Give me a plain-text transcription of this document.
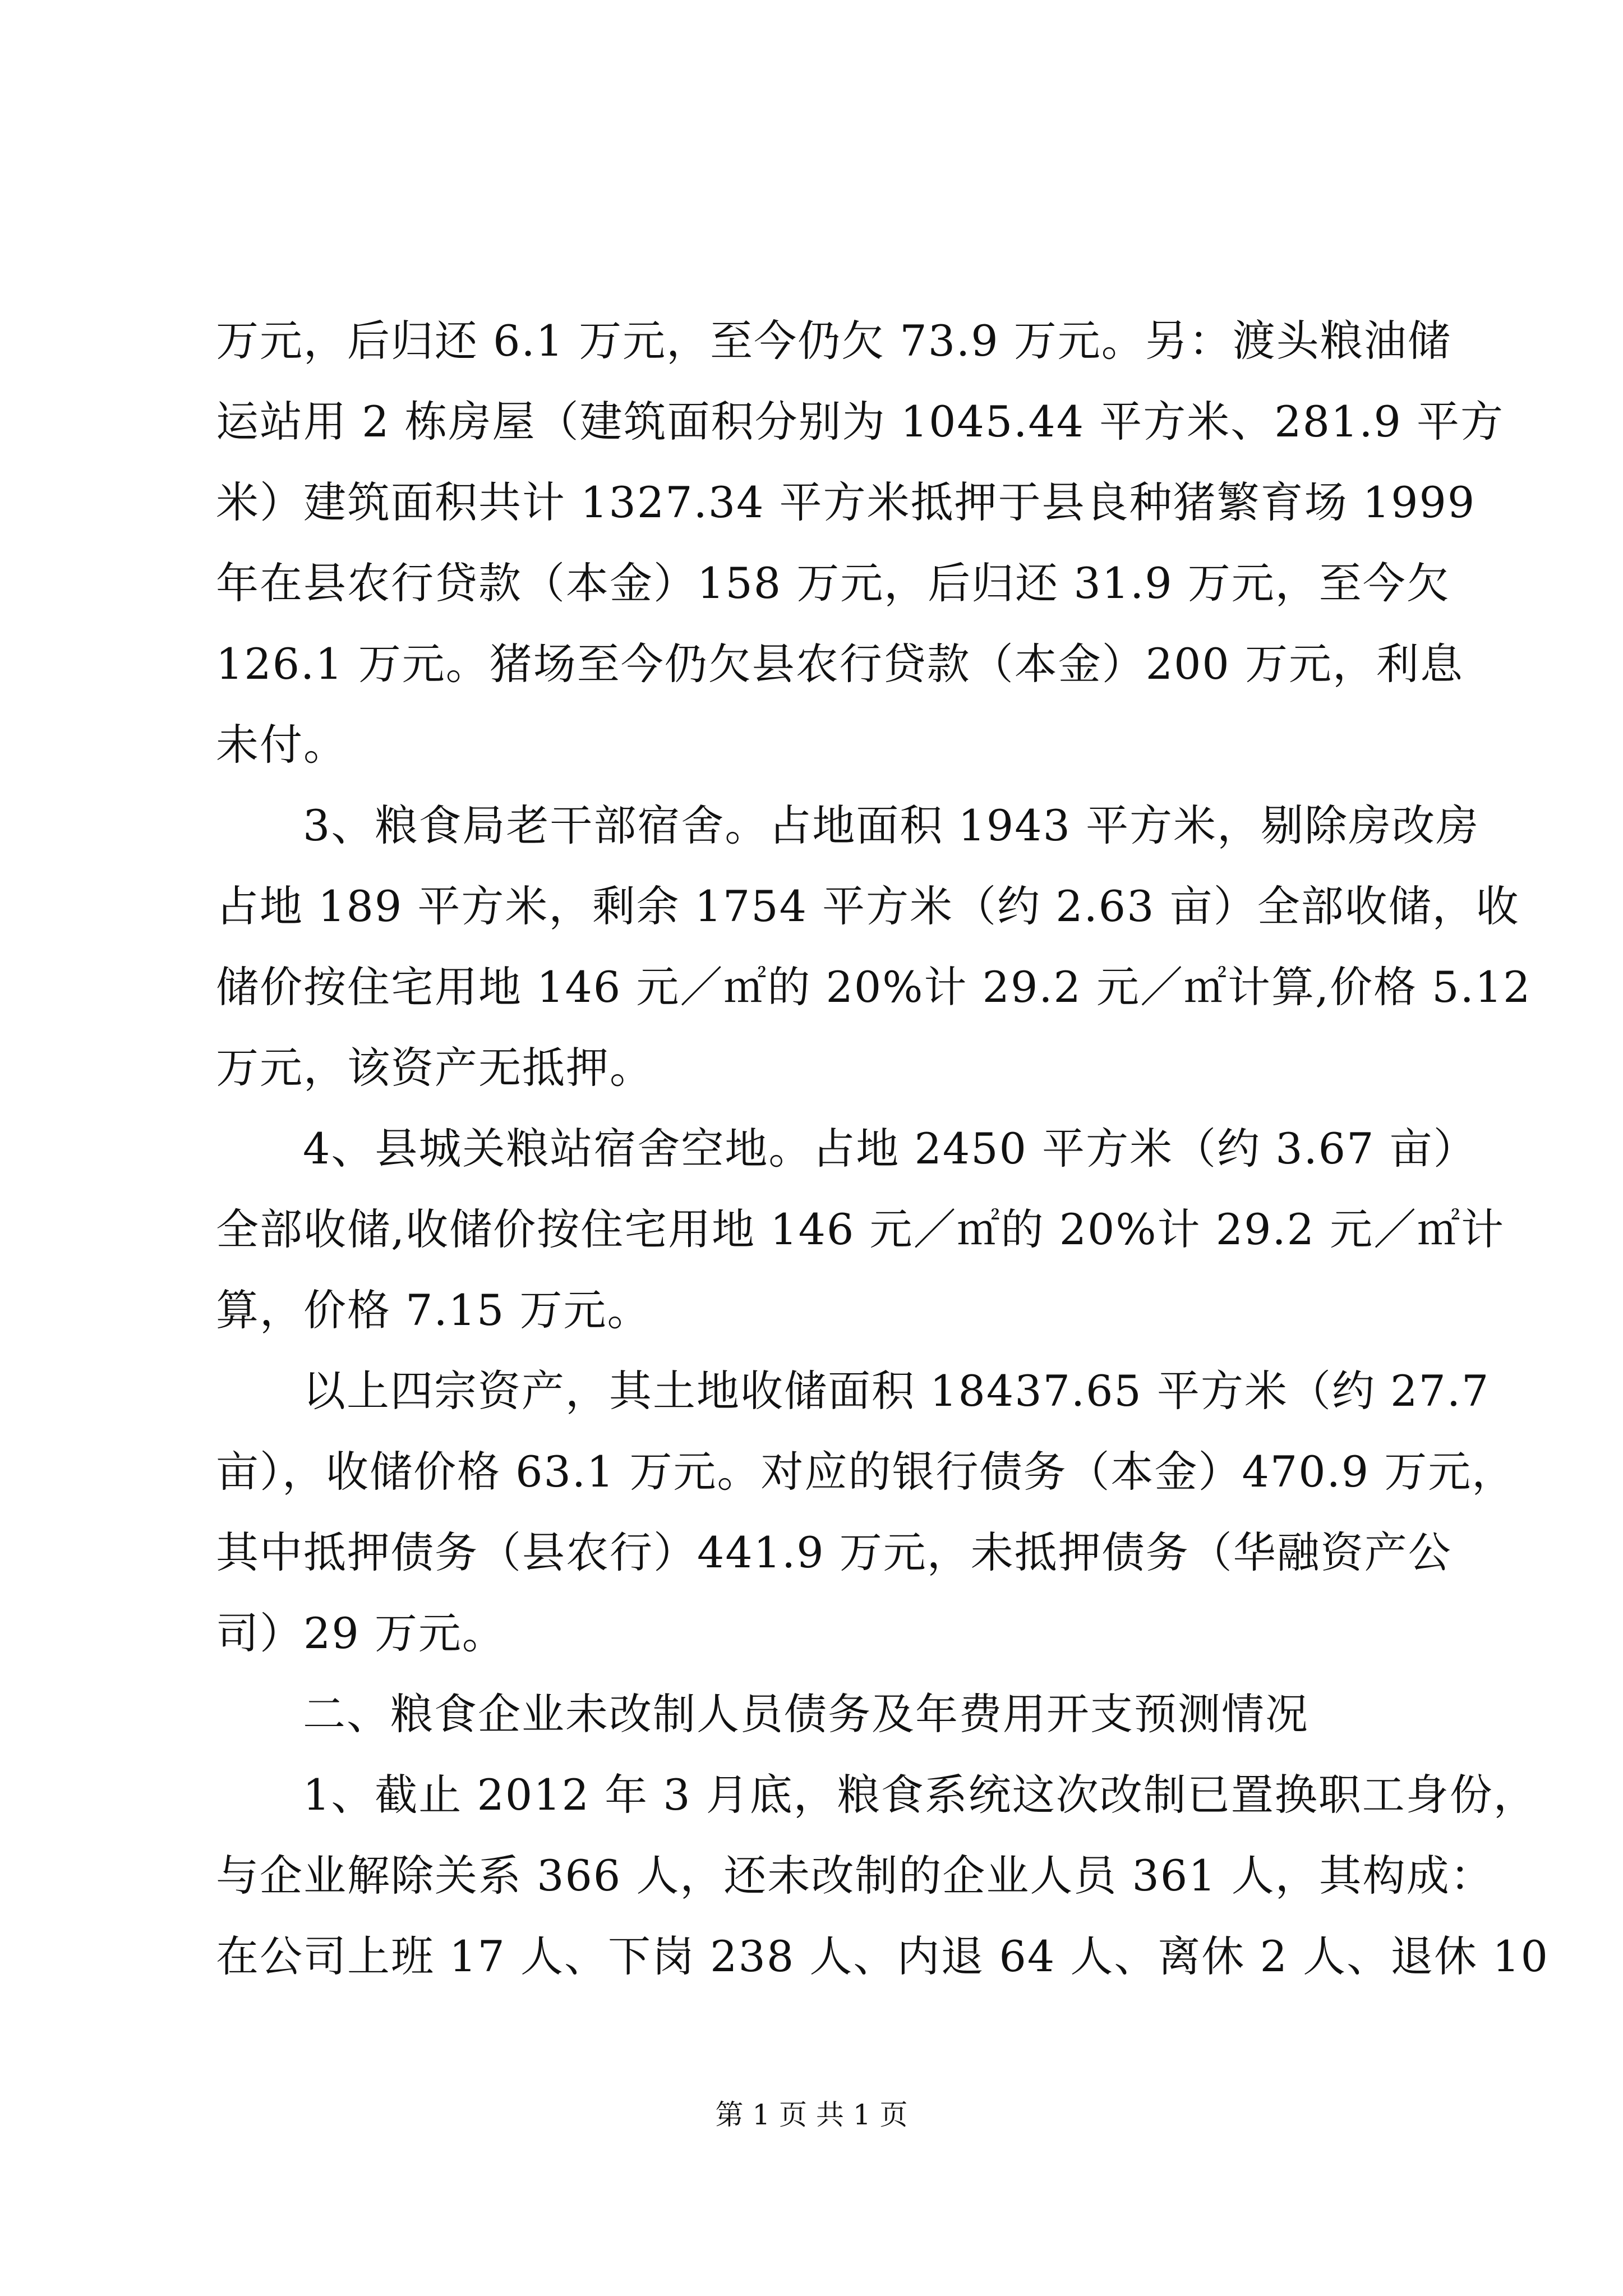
万元，后归还 6.1 万元，至今仍欠 73.9 万元。另：渡头粮油储
运站用 2 栋房屋（建筑面积分别为 1045.44 平方米、281.9 平方
米）建筑面积共计 1327.34 平方米抵押于县良种猪繁育场 1999
年在县农行贷款（本金）158 万元，后归还 31.9 万元，至今欠
126.1 万元。猪场至今仍欠县农行贷款（本金）200 万元，利息
未付。
3、粮食局老干部宿舍。占地面积 1943 平方米，剔除房改房
占地 189 平方米，剩余 1754 平方米（约 2.63 亩）全部收储，收
储价按住宅用地 146 元／㎡的 20%计 29.2 元／㎡计算,价格 5.12
万元，该资产无抵押。
4、县城关粮站宿舍空地。占地 2450 平方米（约 3.67 亩）
全部收储,收储价按住宅用地 146 元／㎡的 20%计 29.2 元／㎡计
算，价格 7.15 万元。
以上四宗资产，其土地收储面积 18437.65 平方米（约 27.7
亩），收储价格 63.1 万元。对应的银行债务（本金）470.9 万元，
其中抵押债务（县农行）441.9 万元，未抵押债务（华融资产公
司）29 万元。
二、粮食企业未改制人员债务及年费用开支预测情况
1、截止 2012 年 3 月底，粮食系统这次改制已置换职工身份，
与企业解除关系 366 人，还未改制的企业人员 361 人，其构成：
在公司上班 17 人、下岗 238 人、内退 64 人、离休 2 人、退休 10
第 1 页 共 1 页
